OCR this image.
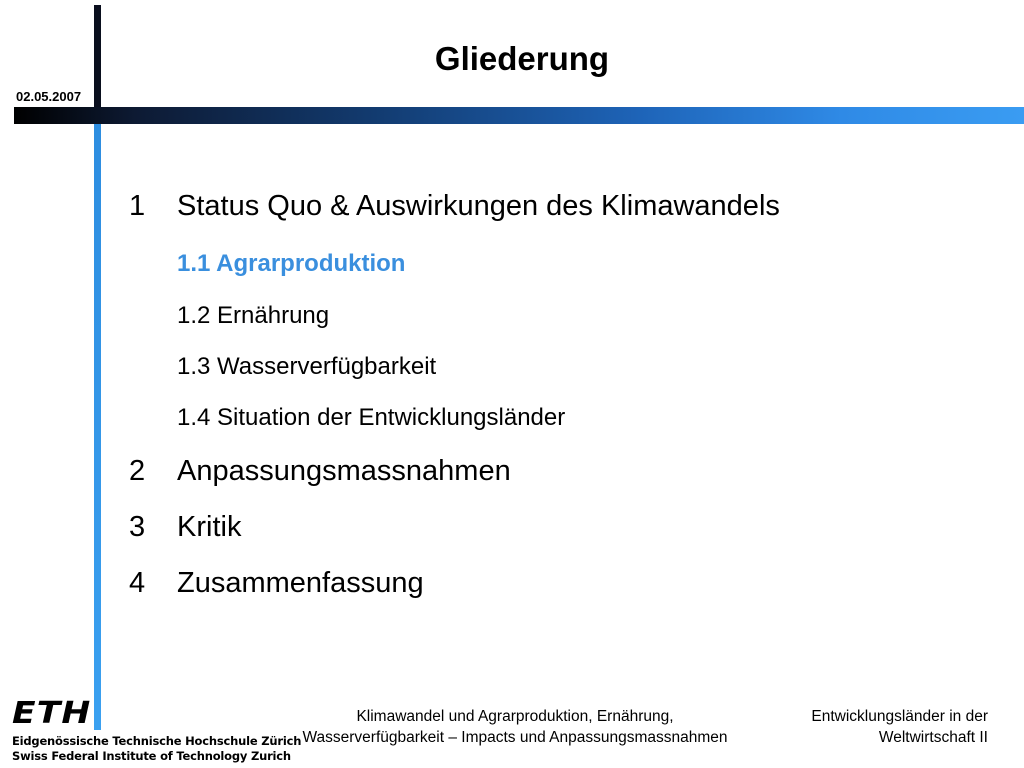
Gliederung
02.05.2007
1 Status Quo & Auswirkungen des Klimawandels
1.1 Agrarproduktion
1.2 Ernährung
1.3 Wasserverfügbarkeit
1.4 Situation der Entwicklungsländer
2 Anpassungsmassnahmen
3 Kritik
4 Zusammenfassung
ETH
Eidgenössische Technische Hochschule Zürich
Swiss Federal Institute of Technology Zurich
Klimawandel und Agrarproduktion, Ernährung,
Wasserverfügbarkeit – Impacts und Anpassungsmassnahmen
Entwicklungsländer in der
Weltwirtschaft II
